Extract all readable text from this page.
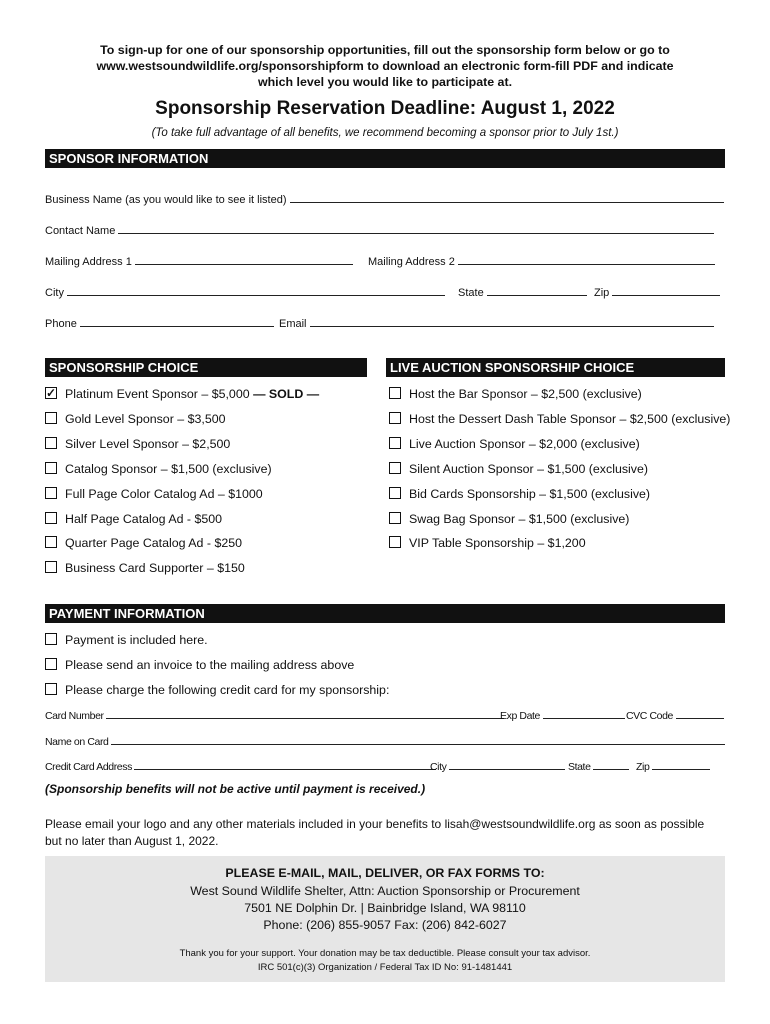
To sign-up for one of our sponsorship opportunities, fill out the sponsorship form below or go to
www.westsoundwildlife.org/sponsorshipform to download an electronic form-fill PDF and indicate
which level you would like to participate at.
Sponsorship Reservation Deadline: August 1, 2022
(To take full advantage of all benefits, we recommend becoming a sponsor prior to July 1st.)
SPONSOR INFORMATION
Business Name (as you would like to see it listed)
Contact Name
Mailing Address 1	Mailing Address 2
City	State	Zip
Phone	Email
SPONSORSHIP CHOICE	LIVE AUCTION SPONSORSHIP CHOICE
✓
Platinum Event Sponsor – $5,000 — SOLD —
Gold Level Sponsor – $3,500
Silver Level Sponsor – $2,500
Catalog Sponsor – $1,500 (exclusive)
Full Page Color Catalog Ad – $1000
Half Page Catalog Ad - $500
Quarter Page Catalog Ad - $250
Business Card Supporter – $150
Host the Bar Sponsor – $2,500 (exclusive)
Host the Dessert Dash Table Sponsor – $2,500 (exclusive)
Live Auction Sponsor – $2,000 (exclusive)
Silent Auction Sponsor – $1,500 (exclusive)
Bid Cards Sponsorship – $1,500 (exclusive)
Swag Bag Sponsor – $1,500 (exclusive)
VIP Table Sponsorship – $1,200
PAYMENT INFORMATION
Payment is included here.
Please send an invoice to the mailing address above
Please charge the following credit card for my sponsorship:
Card Number	Exp Date	CVC Code
Name on Card
Credit Card Address	City	State	Zip
(Sponsorship benefits will not be active until payment is received.)
Please email your logo and any other materials included in your benefits to lisah@westsoundwildlife.org as soon as possible
but no later than August 1, 2022.
PLEASE E-MAIL, MAIL, DELIVER, OR FAX FORMS TO:
West Sound Wildlife Shelter, Attn: Auction Sponsorship or Procurement
7501 NE Dolphin Dr. | Bainbridge Island, WA 98110
Phone: (206) 855-9057 Fax: (206) 842-6027
Thank you for your support. Your donation may be tax deductible. Please consult your tax advisor.
IRC 501(c)(3) Organization / Federal Tax ID No: 91-1481441
